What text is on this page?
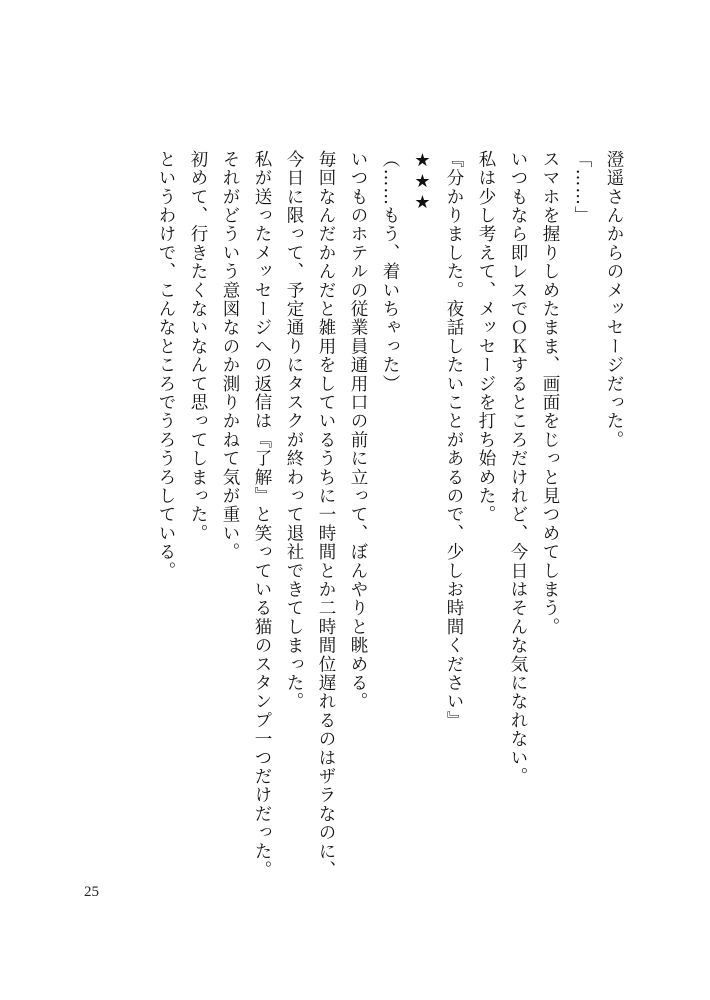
澄遥さんからのメッセージだった。
「……」
スマホを握りしめたまま、画面をじっと見つめてしまう。
いつもなら即レスでＯＫするところだけれど、今日はそんな気になれない。
私は少し考えて、メッセージを打ち始めた。
『分かりました。夜話したいことがあるので、少しお時間ください』
★★★
（……もう、着いちゃった）
いつものホテルの従業員通用口の前に立って、ぼんやりと眺める。
毎回なんだかんだと雑用をしているうちに一時間とか二時間位遅れるのはザラなのに、
今日に限って、予定通りにタスクが終わって退社できてしまった。
私が送ったメッセージへの返信は『了解』と笑っている猫のスタンプ一つだけだった。
それがどういう意図なのか測りかねて気が重い。
初めて、行きたくないなんて思ってしまった。
というわけで、こんなところでうろうろしている。
25
